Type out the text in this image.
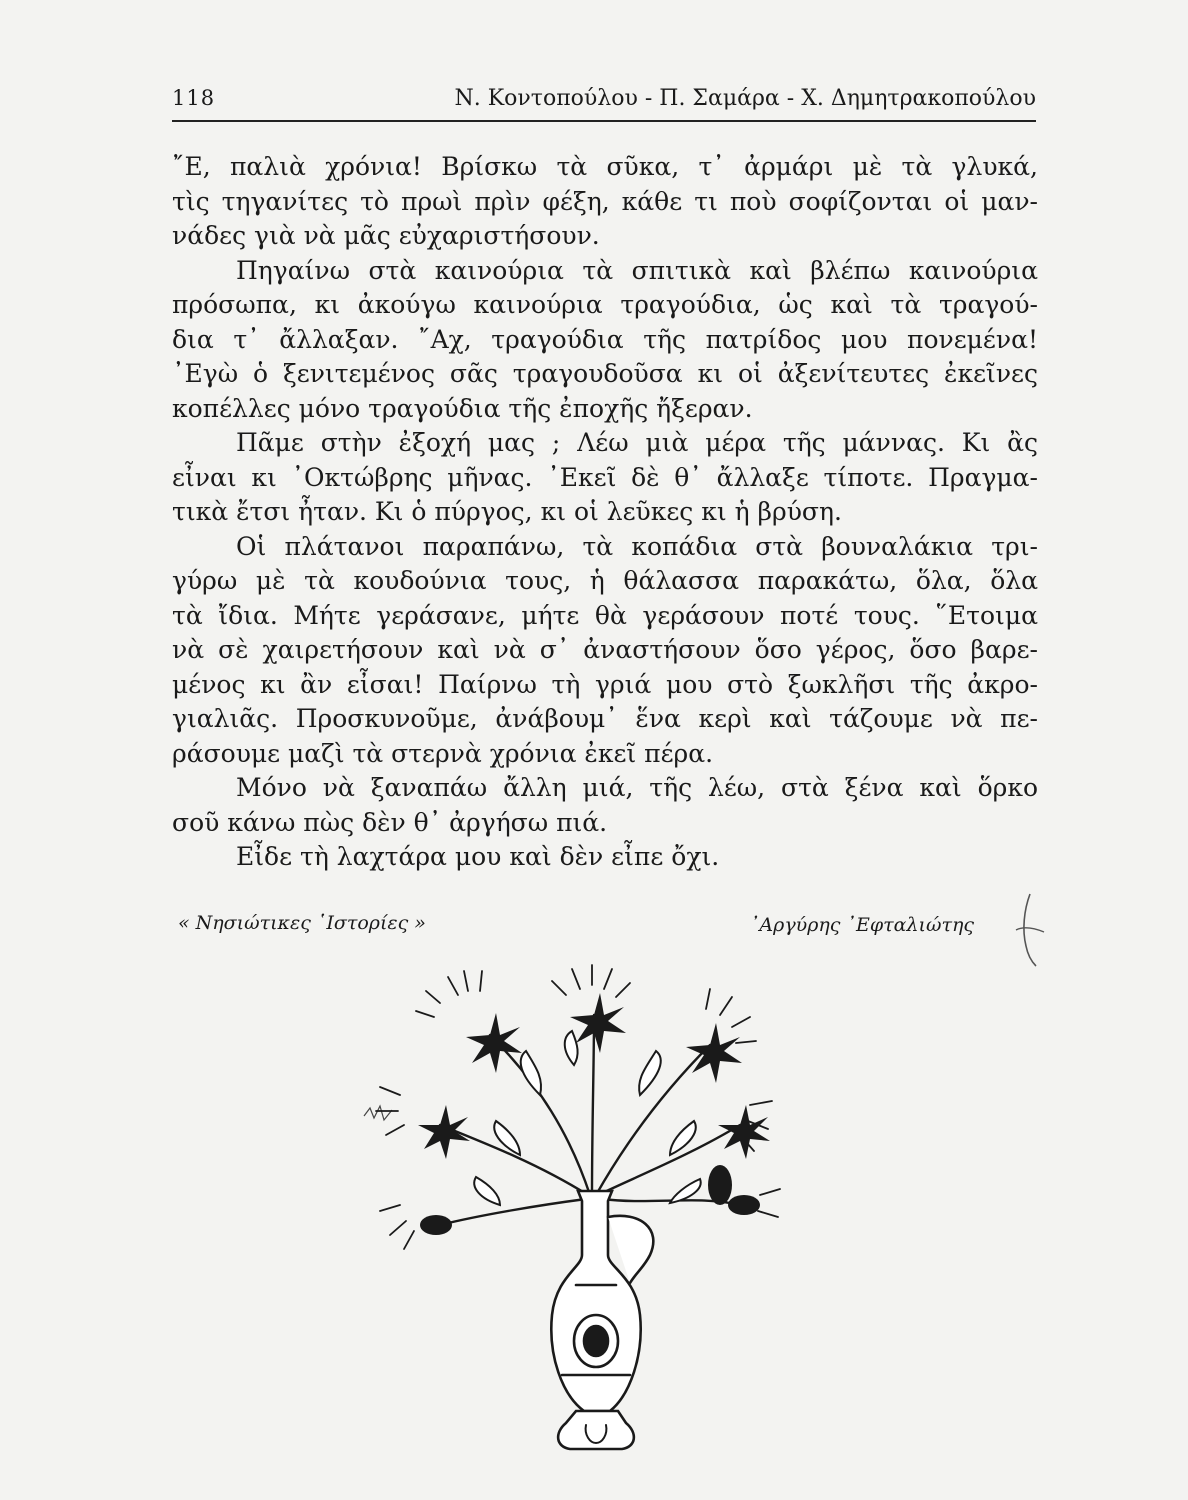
118	Ν. Κοντοπούλου - Π. Σαμάρα - Χ. Δημητρακοπούλου
῎Ε, παλιὰ χρόνια! Βρίσκω τὰ σῦκα, τ᾽ ἀρμάρι μὲ τὰ γλυκά,
τὶς τηγανίτες τὸ πρωὶ πρὶν φέξη, κάθε τι ποὺ σοφίζονται οἱ μαν-
νάδες γιὰ νὰ μᾶς εὐχαριστήσουν.
Πηγαίνω στὰ καινούρια τὰ σπιτικὰ καὶ βλέπω καινούρια
πρόσωπα, κι ἀκούγω καινούρια τραγούδια, ὡς καὶ τὰ τραγού-
δια τ᾽ ἄλλαξαν. ῎Αχ, τραγούδια τῆς πατρίδος μου πονεμένα!
᾽Εγὼ ὁ ξενιτεμένος σᾶς τραγουδοῦσα κι οἱ ἀξενίτευτες ἐκεῖνες
κοπέλλες μόνο τραγούδια τῆς ἐποχῆς ἤξεραν.
Πᾶμε στὴν ἐξοχή μας ; Λέω μιὰ μέρα τῆς μάννας. Κι ἂς
εἶναι κι ᾽Οκτώβρης μῆνας. ᾽Εκεῖ δὲ θ᾽ ἄλλαξε τίποτε. Πραγμα-
τικὰ ἔτσι ἦταν. Κι ὁ πύργος, κι οἱ λεῦκες κι ἡ βρύση.
Οἱ πλάτανοι παραπάνω, τὰ κοπάδια στὰ βουναλάκια τρι-
γύρω μὲ τὰ κουδούνια τους, ἡ θάλασσα παρακάτω, ὅλα, ὅλα
τὰ ἴδια. Μήτε γεράσανε, μήτε θὰ γεράσουν ποτέ τους. ῞Ετοιμα
νὰ σὲ χαιρετήσουν καὶ νὰ σ᾽ ἀναστήσουν ὅσο γέρος, ὅσο βαρε-
μένος κι ἂν εἶσαι! Παίρνω τὴ γριά μου στὸ ξωκλῆσι τῆς ἀκρο-
γιαλιᾶς. Προσκυνοῦμε, ἀνάβουμ᾽ ἕνα κερὶ καὶ τάζουμε νὰ πε-
ράσουμε μαζὶ τὰ στερνὰ χρόνια ἐκεῖ πέρα.
Μόνο νὰ ξαναπάω ἄλλη μιά, τῆς λέω, στὰ ξένα καὶ ὅρκο
σοῦ κάνω πὼς δὲν θ᾽ ἀργήσω πιά.
Εἶδε τὴ λαχτάρα μου καὶ δὲν εἶπε ὄχι.
« Νησιώτικες ῾Ιστορίες »	᾽Αργύρης ᾽Εφταλιώτης
